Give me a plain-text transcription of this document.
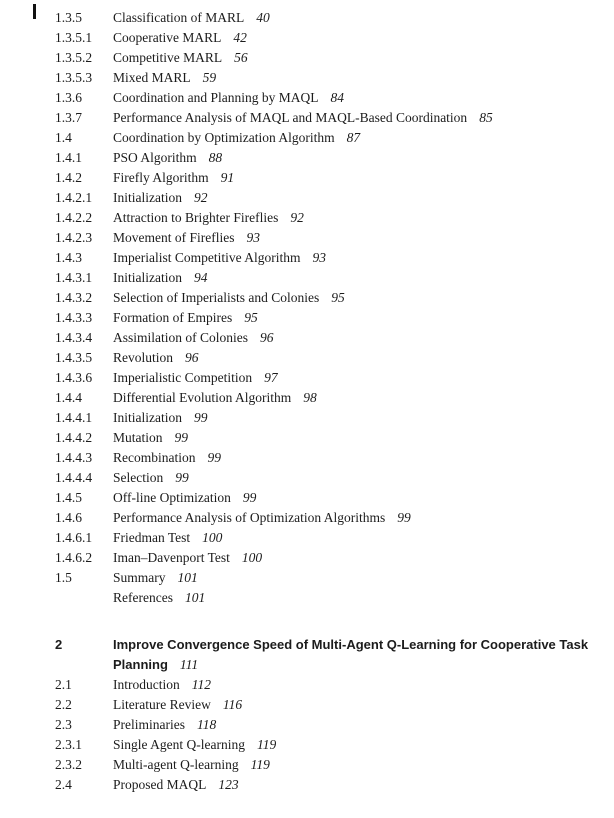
1.3.5	Classification of MARL 40
1.3.5.1	Cooperative MARL 42
1.3.5.2	Competitive MARL 56
1.3.5.3	Mixed MARL 59
1.3.6	Coordination and Planning by MAQL 84
1.3.7	Performance Analysis of MAQL and MAQL-Based Coordination 85
1.4	Coordination by Optimization Algorithm 87
1.4.1	PSO Algorithm 88
1.4.2	Firefly Algorithm 91
1.4.2.1	Initialization 92
1.4.2.2	Attraction to Brighter Fireflies 92
1.4.2.3	Movement of Fireflies 93
1.4.3	Imperialist Competitive Algorithm 93
1.4.3.1	Initialization 94
1.4.3.2	Selection of Imperialists and Colonies 95
1.4.3.3	Formation of Empires 95
1.4.3.4	Assimilation of Colonies 96
1.4.3.5	Revolution 96
1.4.3.6	Imperialistic Competition 97
1.4.4	Differential Evolution Algorithm 98
1.4.4.1	Initialization 99
1.4.4.2	Mutation 99
1.4.4.3	Recombination 99
1.4.4.4	Selection 99
1.4.5	Off-line Optimization 99
1.4.6	Performance Analysis of Optimization Algorithms 99
1.4.6.1	Friedman Test 100
1.4.6.2	Iman–Davenport Test 100
1.5	Summary 101
References 101
2	Improve Convergence Speed of Multi-Agent Q-Learning for Cooperative Task Planning 111
2.1	Introduction 112
2.2	Literature Review 116
2.3	Preliminaries 118
2.3.1	Single Agent Q-learning 119
2.3.2	Multi-agent Q-learning 119
2.4	Proposed MAQL 123
